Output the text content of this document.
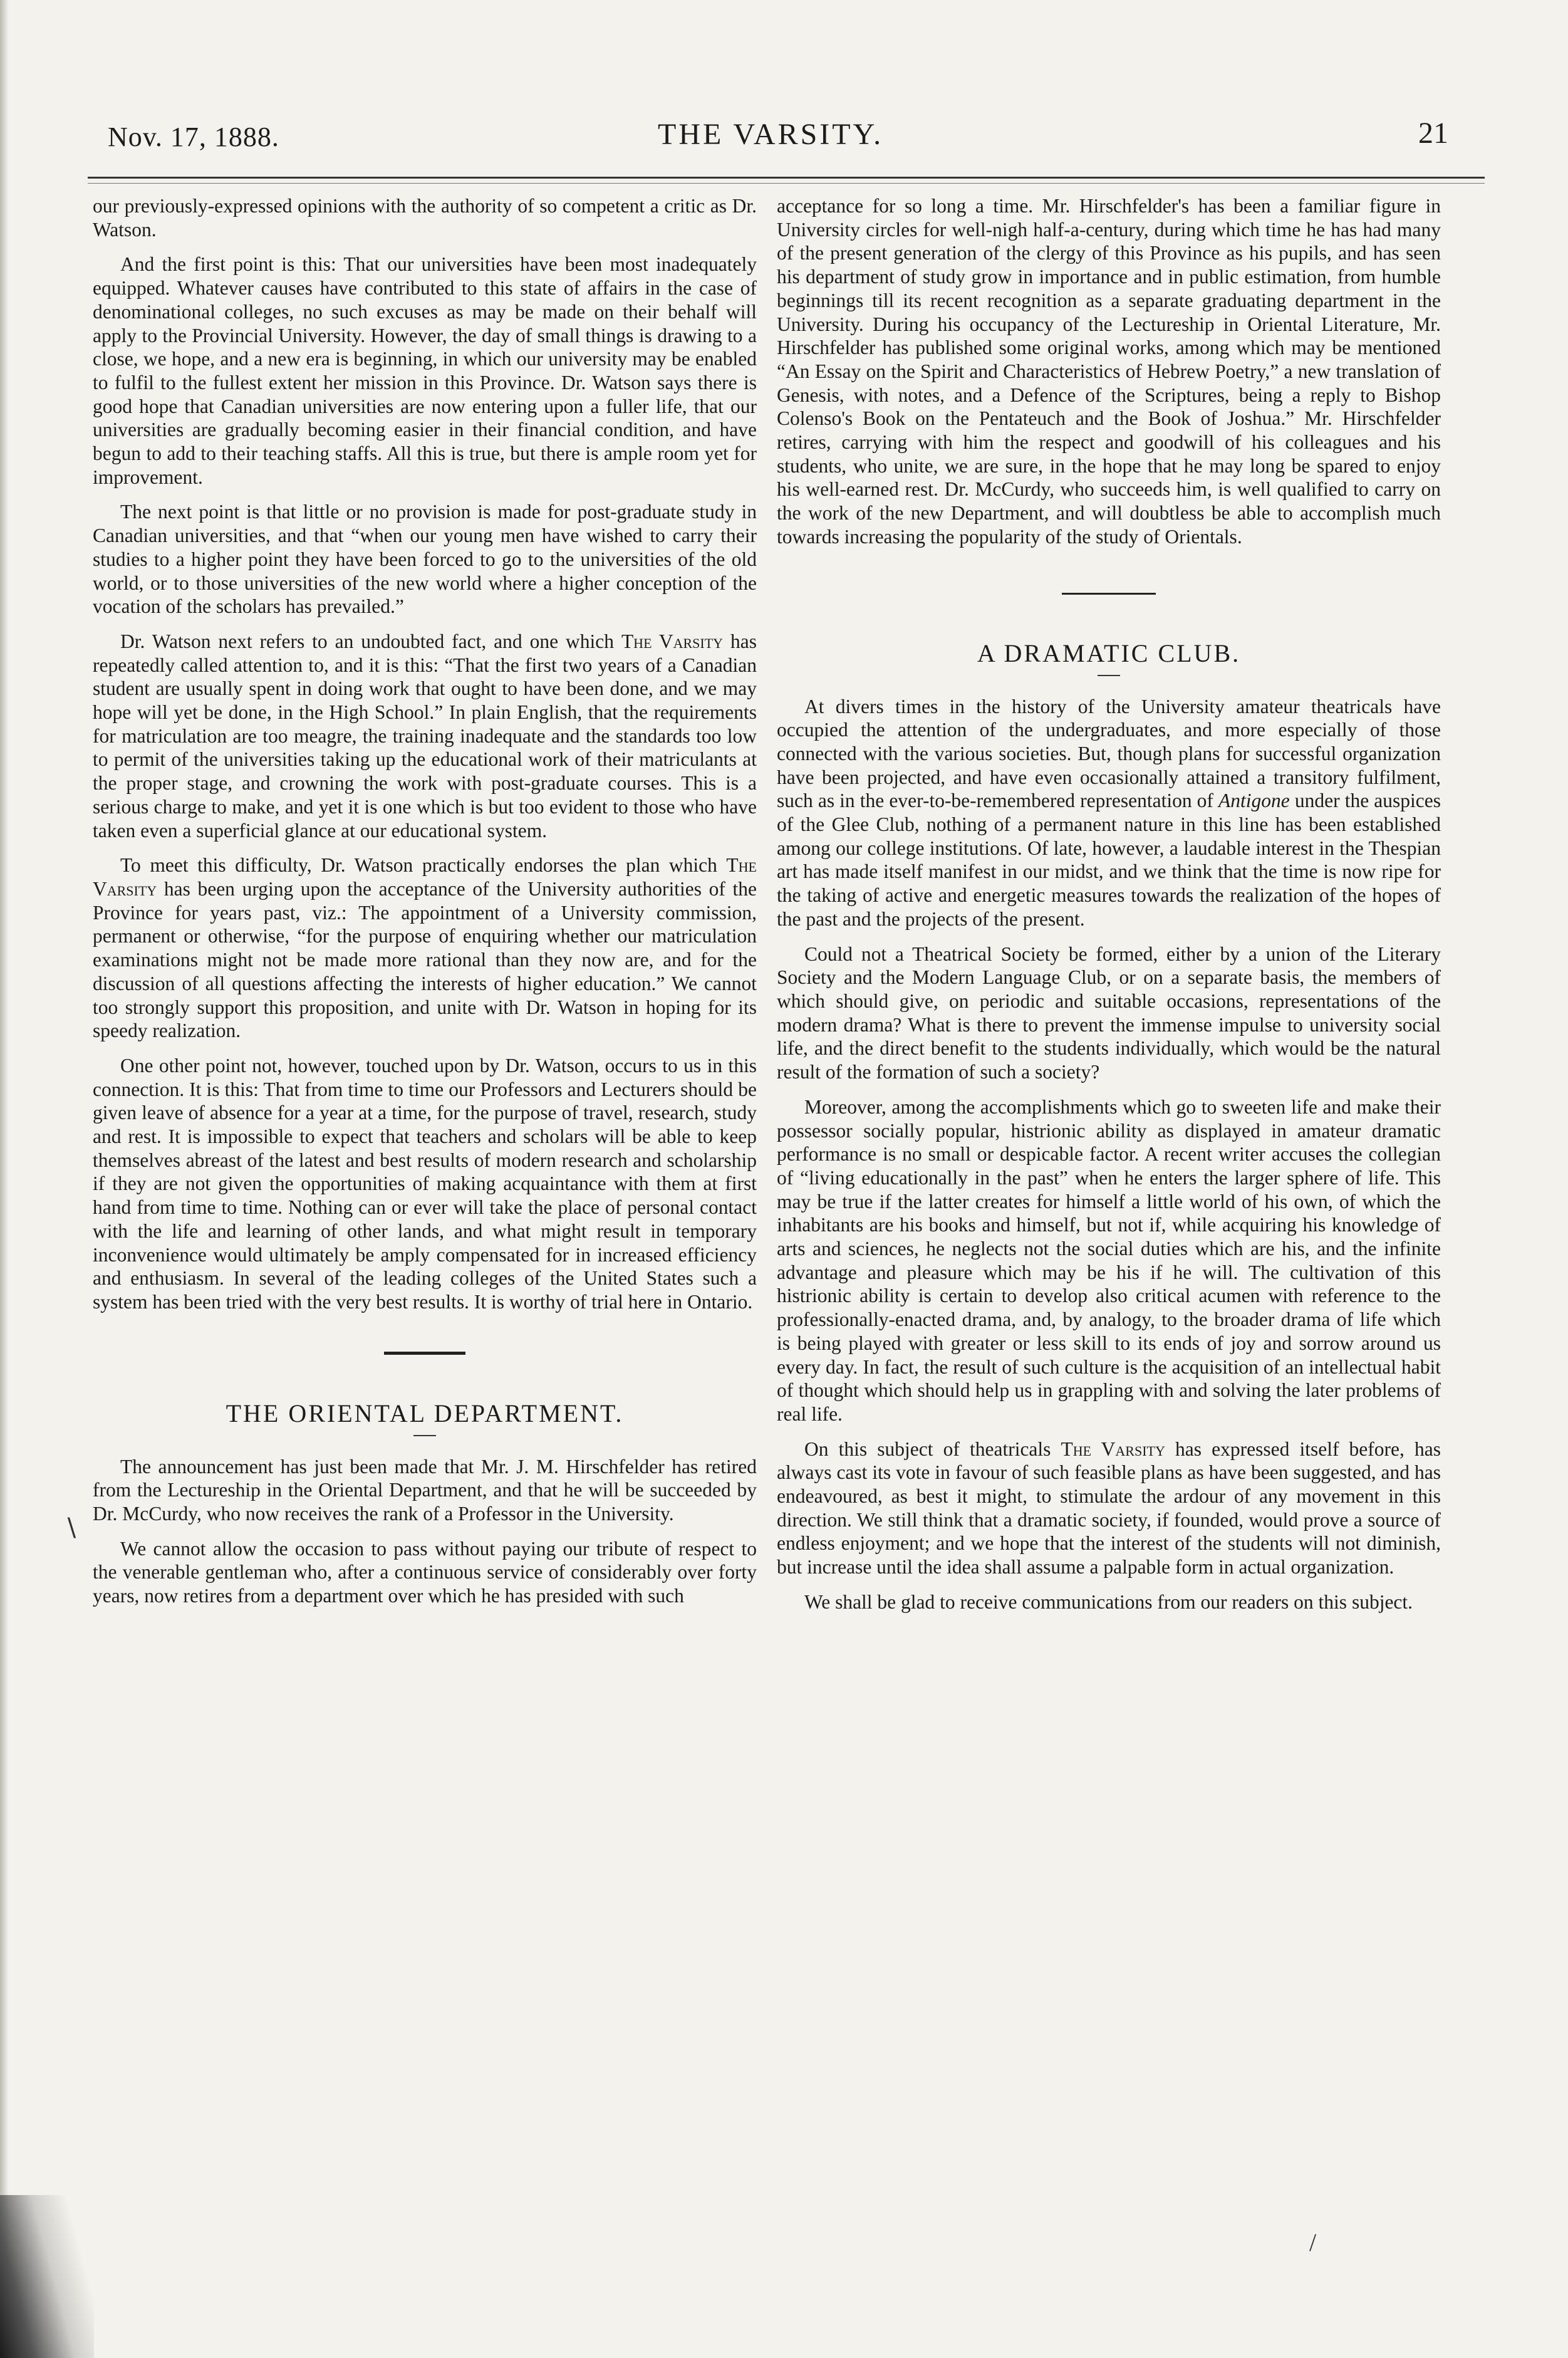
Nov. 17, 1888.	THE VARSITY.	21

our previously-expressed opinions with the authority of so competent a critic as Dr. Watson.

And the first point is this: That our universities have been most inadequately equipped. Whatever causes have contributed to this state of affairs in the case of denominational colleges, no such excuses as may be made on their behalf will apply to the Provincial University. However, the day of small things is drawing to a close, we hope, and a new era is beginning, in which our university may be enabled to fulfil to the fullest extent her mission in this Province. Dr. Watson says there is good hope that Canadian universities are now entering upon a fuller life, that our universities are gradually becoming easier in their financial condition, and have begun to add to their teaching staffs. All this is true, but there is ample room yet for improvement.

The next point is that little or no provision is made for post-graduate study in Canadian universities, and that “when our young men have wished to carry their studies to a higher point they have been forced to go to the universities of the old world, or to those universities of the new world where a higher conception of the vocation of the scholars has prevailed.”

Dr. Watson next refers to an undoubted fact, and one which The Varsity has repeatedly called attention to, and it is this: “That the first two years of a Canadian student are usually spent in doing work that ought to have been done, and we may hope will yet be done, in the High School.” In plain English, that the requirements for matriculation are too meagre, the training inadequate and the standards too low to permit of the universities taking up the educational work of their matriculants at the proper stage, and crowning the work with post-graduate courses. This is a serious charge to make, and yet it is one which is but too evident to those who have taken even a superficial glance at our educational system.

To meet this difficulty, Dr. Watson practically endorses the plan which The Varsity has been urging upon the acceptance of the University authorities of the Province for years past, viz.: The appointment of a University commission, permanent or otherwise, “for the purpose of enquiring whether our matriculation examinations might not be made more rational than they now are, and for the discussion of all questions affecting the interests of higher education.” We cannot too strongly support this proposition, and unite with Dr. Watson in hoping for its speedy realization.

One other point not, however, touched upon by Dr. Watson, occurs to us in this connection. It is this: That from time to time our Professors and Lecturers should be given leave of absence for a year at a time, for the purpose of travel, research, study and rest. It is impossible to expect that teachers and scholars will be able to keep themselves abreast of the latest and best results of modern research and scholarship if they are not given the opportunities of making acquaintance with them at first hand from time to time. Nothing can or ever will take the place of personal contact with the life and learning of other lands, and what might result in temporary inconvenience would ultimately be amply compensated for in increased efficiency and enthusiasm. In several of the leading colleges of the United States such a system has been tried with the very best results. It is worthy of trial here in Ontario.

THE ORIENTAL DEPARTMENT.

The announcement has just been made that Mr. J. M. Hirschfelder has retired from the Lectureship in the Oriental Department, and that he will be succeeded by Dr. McCurdy, who now receives the rank of a Professor in the University.

We cannot allow the occasion to pass without paying our tribute of respect to the venerable gentleman who, after a continuous service of considerably over forty years, now retires from a department over which he has presided with such

acceptance for so long a time. Mr. Hirschfelder's has been a familiar figure in University circles for well-nigh half-a-century, during which time he has had many of the present generation of the clergy of this Province as his pupils, and has seen his department of study grow in importance and in public estimation, from humble beginnings till its recent recognition as a separate graduating department in the University. During his occupancy of the Lectureship in Oriental Literature, Mr. Hirschfelder has published some original works, among which may be mentioned “An Essay on the Spirit and Characteristics of Hebrew Poetry,” a new translation of Genesis, with notes, and a Defence of the Scriptures, being a reply to Bishop Colenso's Book on the Pentateuch and the Book of Joshua.” Mr. Hirschfelder retires, carrying with him the respect and goodwill of his colleagues and his students, who unite, we are sure, in the hope that he may long be spared to enjoy his well-earned rest. Dr. McCurdy, who succeeds him, is well qualified to carry on the work of the new Department, and will doubtless be able to accomplish much towards increasing the popularity of the study of Orientals.

A DRAMATIC CLUB.

At divers times in the history of the University amateur theatricals have occupied the attention of the undergraduates, and more especially of those connected with the various societies. But, though plans for successful organization have been projected, and have even occasionally attained a transitory fulfilment, such as in the ever-to-be-remembered representation of Antigone under the auspices of the Glee Club, nothing of a permanent nature in this line has been established among our college institutions. Of late, however, a laudable interest in the Thespian art has made itself manifest in our midst, and we think that the time is now ripe for the taking of active and energetic measures towards the realization of the hopes of the past and the projects of the present.

Could not a Theatrical Society be formed, either by a union of the Literary Society and the Modern Language Club, or on a separate basis, the members of which should give, on periodic and suitable occasions, representations of the modern drama? What is there to prevent the immense impulse to university social life, and the direct benefit to the students individually, which would be the natural result of the formation of such a society?

Moreover, among the accomplishments which go to sweeten life and make their possessor socially popular, histrionic ability as displayed in amateur dramatic performance is no small or despicable factor. A recent writer accuses the collegian of “living educationally in the past” when he enters the larger sphere of life. This may be true if the latter creates for himself a little world of his own, of which the inhabitants are his books and himself, but not if, while acquiring his knowledge of arts and sciences, he neglects not the social duties which are his, and the infinite advantage and pleasure which may be his if he will. The cultivation of this histrionic ability is certain to develop also critical acumen with reference to the professionally-enacted drama, and, by analogy, to the broader drama of life which is being played with greater or less skill to its ends of joy and sorrow around us every day. In fact, the result of such culture is the acquisition of an intellectual habit of thought which should help us in grappling with and solving the later problems of real life.

On this subject of theatricals The Varsity has expressed itself before, has always cast its vote in favour of such feasible plans as have been suggested, and has endeavoured, as best it might, to stimulate the ardour of any movement in this direction. We still think that a dramatic society, if founded, would prove a source of endless enjoyment; and we hope that the interest of the students will not diminish, but increase until the idea shall assume a palpable form in actual organization.

We shall be glad to receive communications from our readers on this subject.

∖
/
